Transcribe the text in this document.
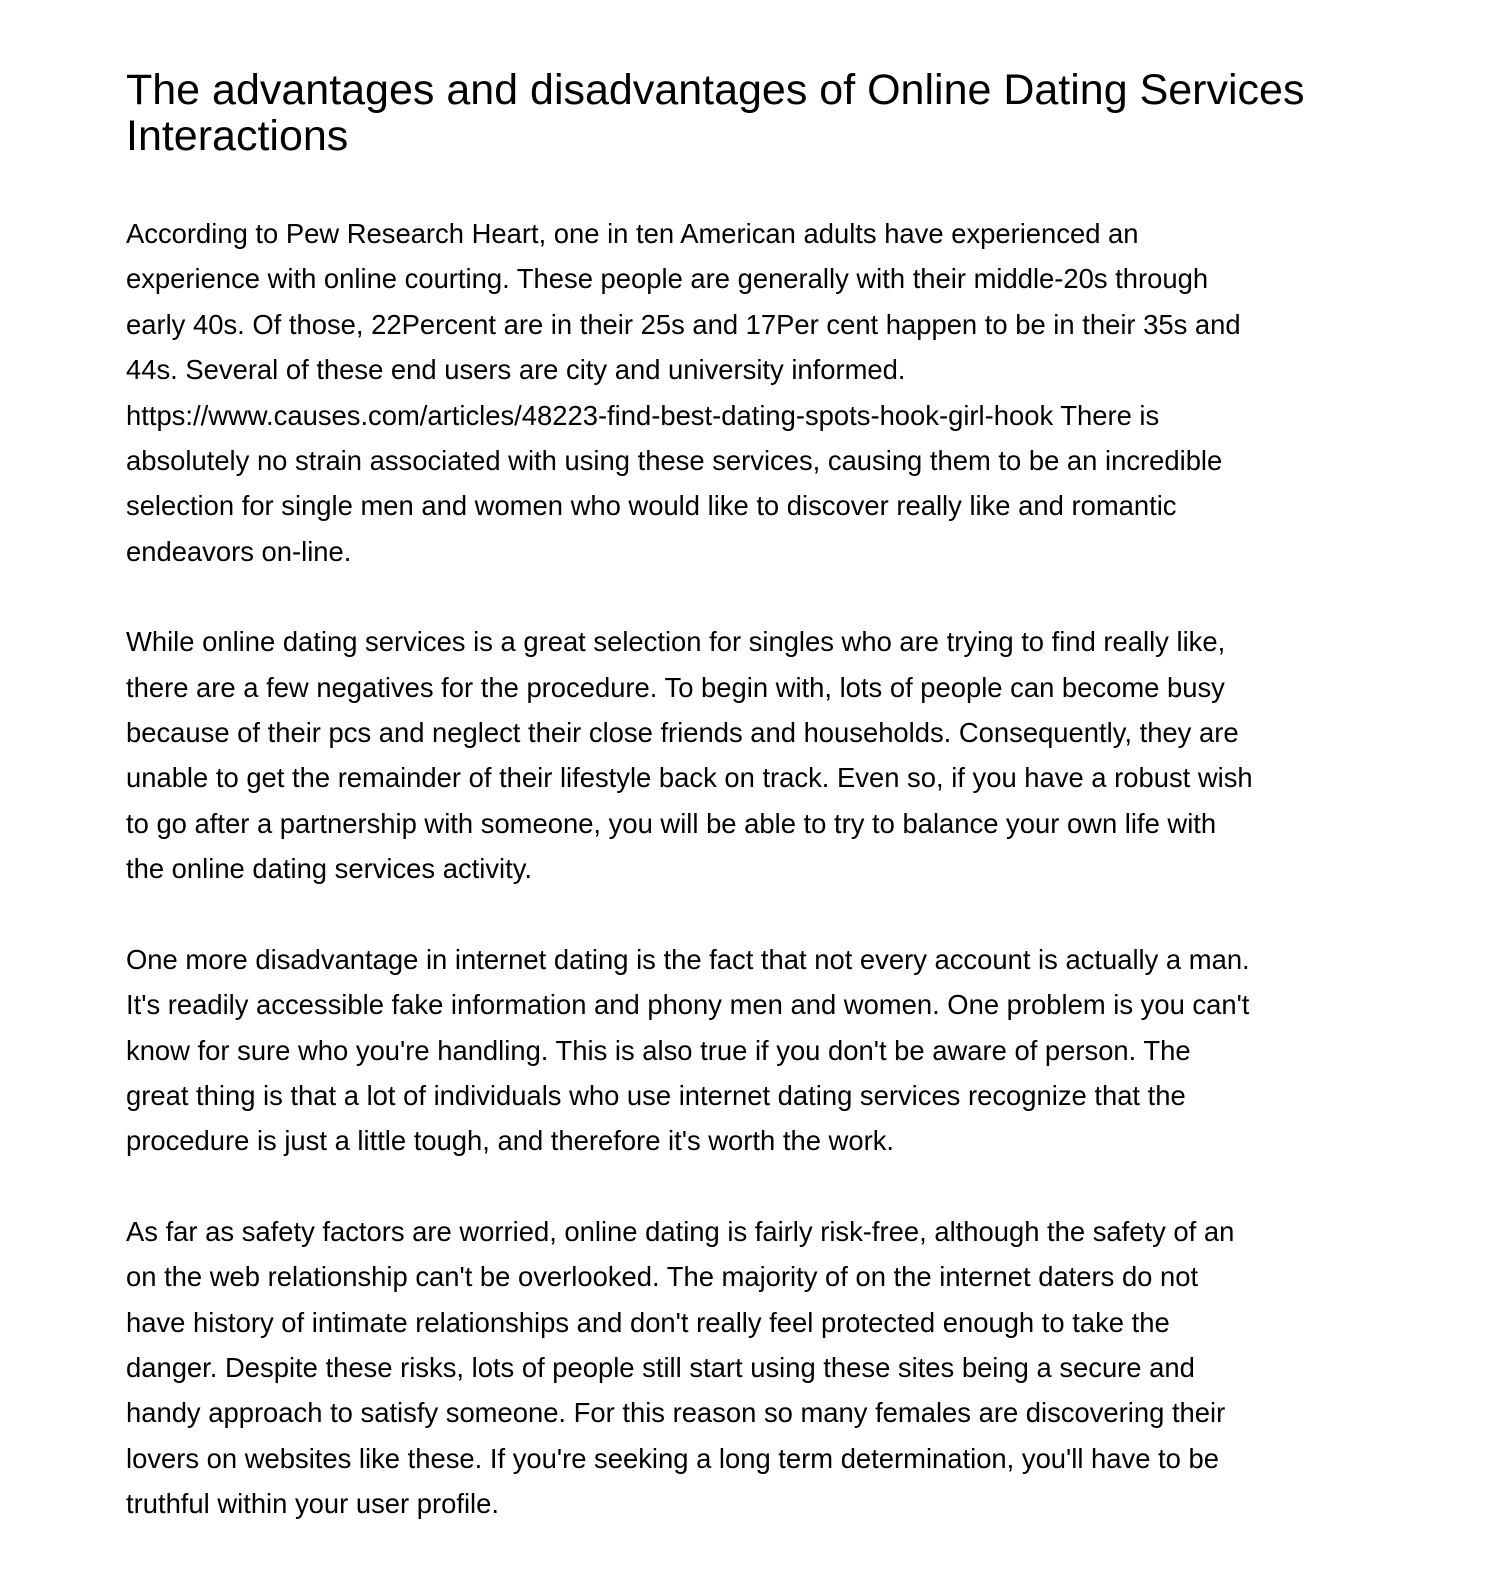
The advantages and disadvantages of Online Dating Services Interactions

According to Pew Research Heart, one in ten American adults have experienced an
experience with online courting. These people are generally with their middle-20s through
early 40s. Of those, 22Percent are in their 25s and 17Per cent happen to be in their 35s and
44s. Several of these end users are city and university informed.
https://www.causes.com/articles/48223-find-best-dating-spots-hook-girl-hook There is
absolutely no strain associated with using these services, causing them to be an incredible
selection for single men and women who would like to discover really like and romantic
endeavors on-line.

While online dating services is a great selection for singles who are trying to find really like,
there are a few negatives for the procedure. To begin with, lots of people can become busy
because of their pcs and neglect their close friends and households. Consequently, they are
unable to get the remainder of their lifestyle back on track. Even so, if you have a robust wish
to go after a partnership with someone, you will be able to try to balance your own life with
the online dating services activity.

One more disadvantage in internet dating is the fact that not every account is actually a man.
It's readily accessible fake information and phony men and women. One problem is you can't
know for sure who you're handling. This is also true if you don't be aware of person. The
great thing is that a lot of individuals who use internet dating services recognize that the
procedure is just a little tough, and therefore it's worth the work.

As far as safety factors are worried, online dating is fairly risk-free, although the safety of an
on the web relationship can't be overlooked. The majority of on the internet daters do not
have history of intimate relationships and don't really feel protected enough to take the
danger. Despite these risks, lots of people still start using these sites being a secure and
handy approach to satisfy someone. For this reason so many females are discovering their
lovers on websites like these. If you're seeking a long term determination, you'll have to be
truthful within your user profile.
